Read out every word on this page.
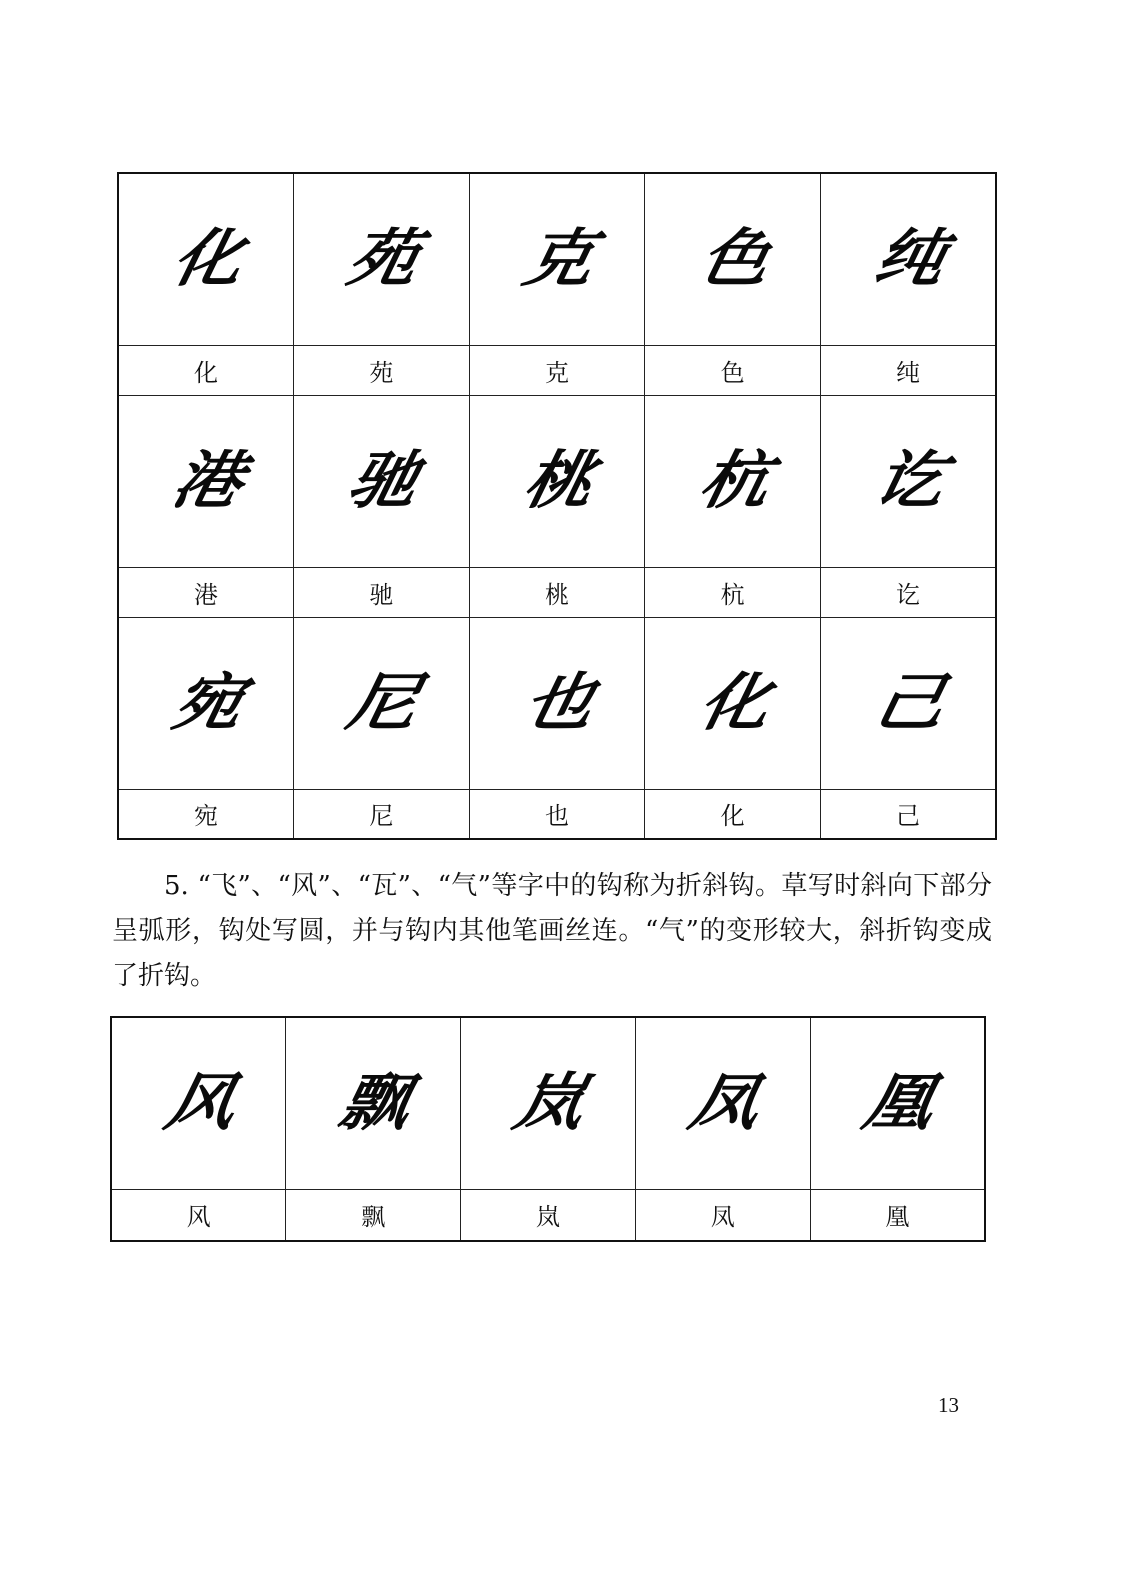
化	苑	克	色	纯
化	苑	克	色	纯
港	驰	桃	杭	讫
港	驰	桃	杭	讫
宛	尼	也	化	己
宛	尼	也	化	己

5. “飞”、“风”、“瓦”、“气”等字中的钩称为折斜钩。草写时斜向下部分呈弧形，钩处写圆，并与钩内其他笔画丝连。“气”的变形较大，斜折钩变成了折钩。

风	飘	岚	凤	凰
风	飘	岚	凤	凰
13
